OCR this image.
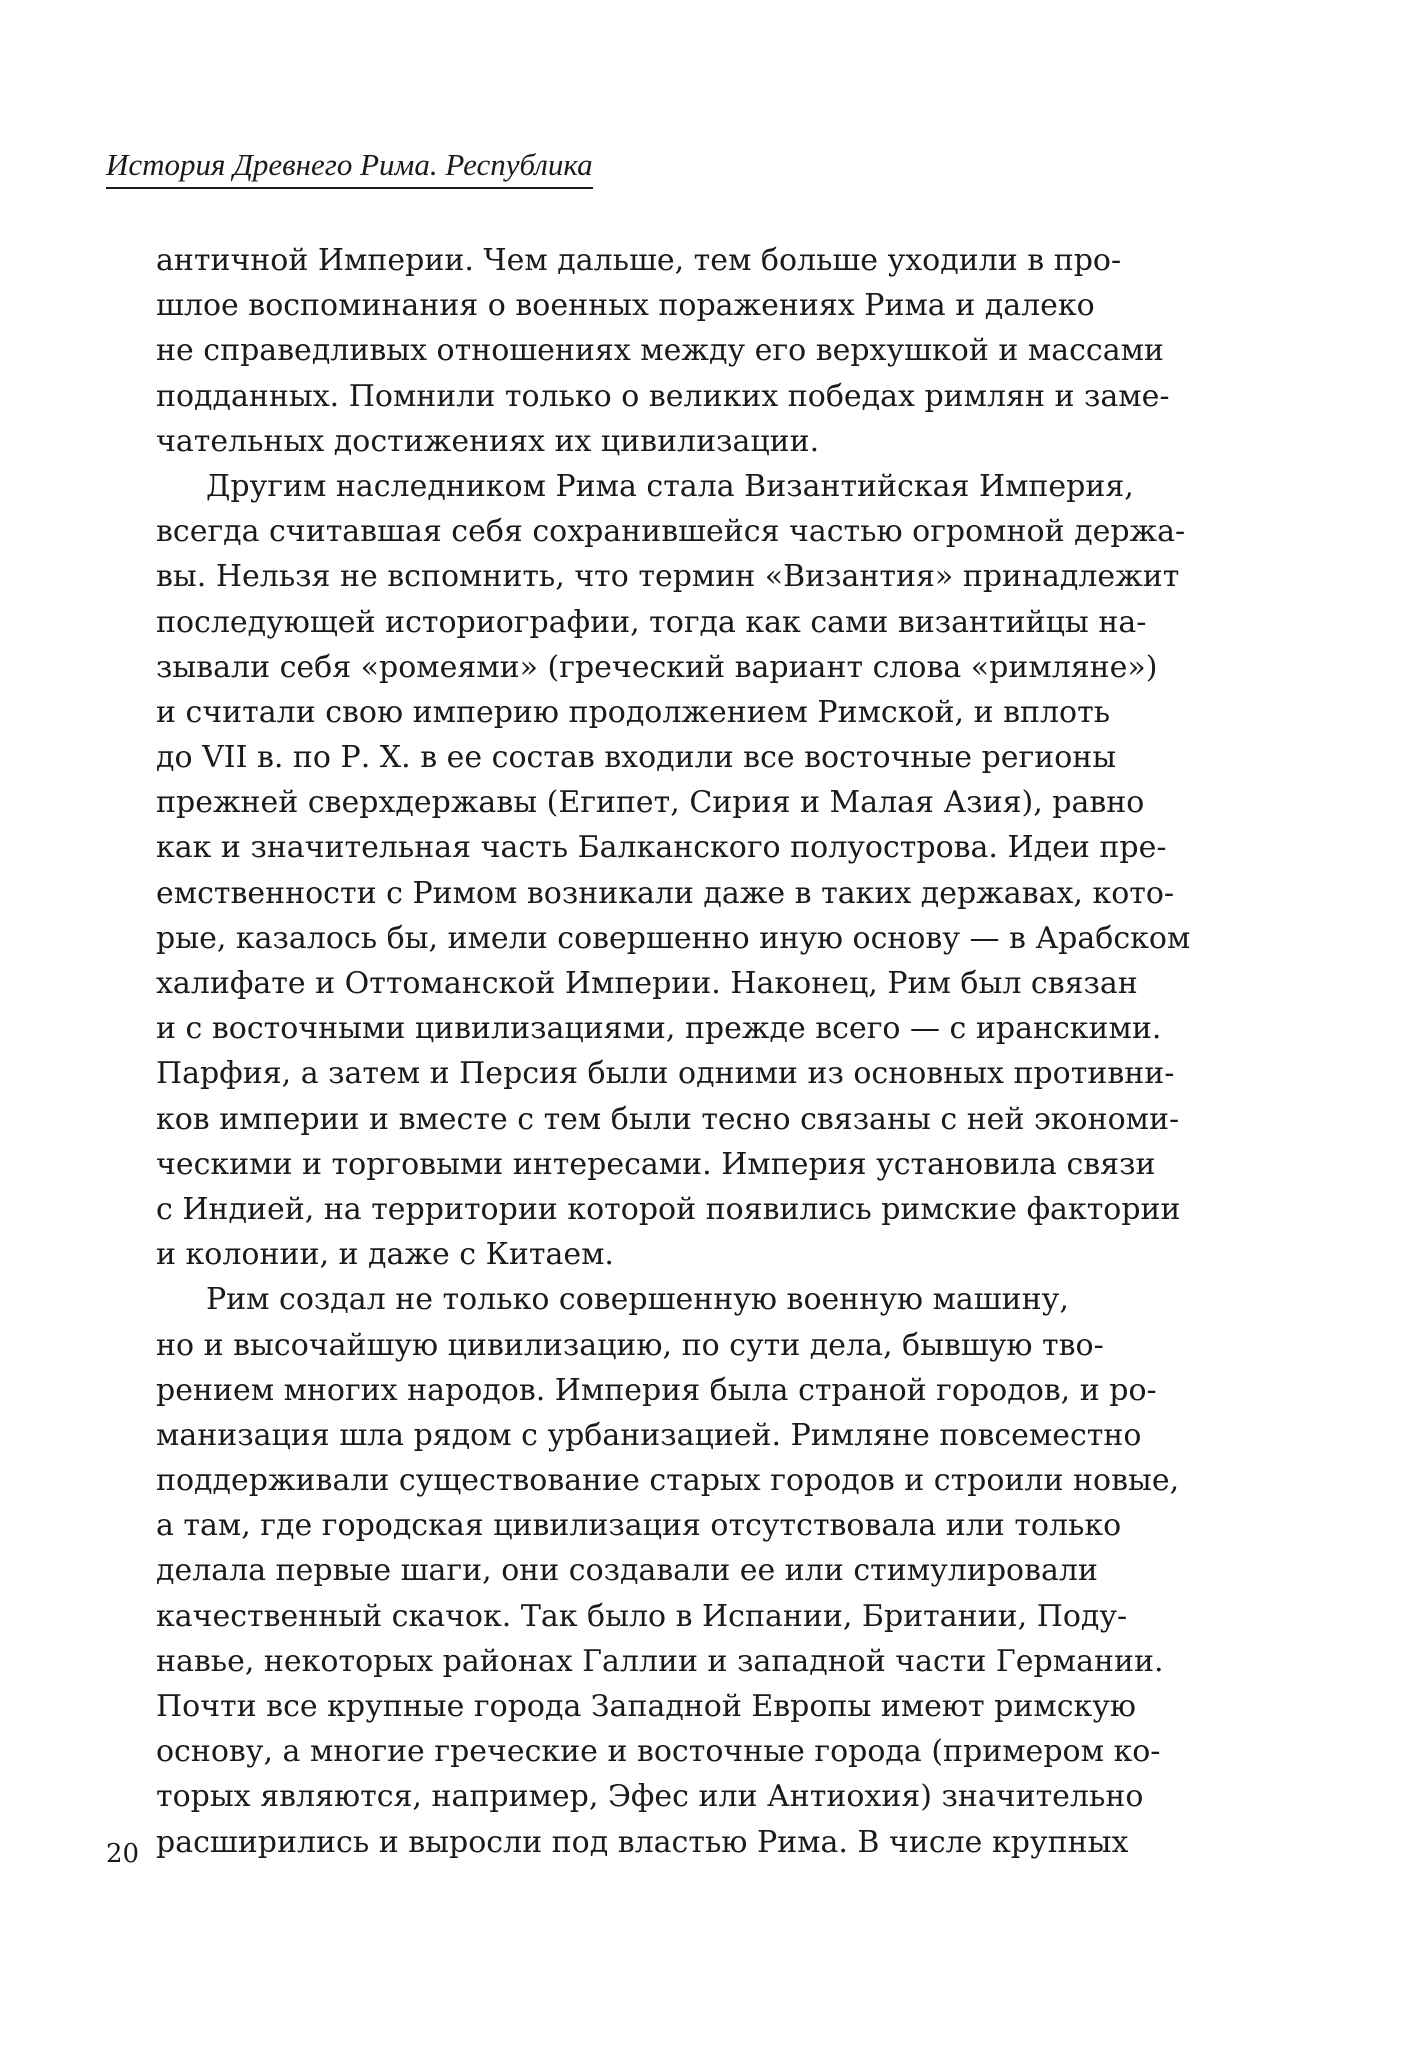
История Древнего Рима. Республика
античной Империи. Чем дальше, тем больше уходили в про-
шлое воспоминания о военных поражениях Рима и далеко
не справедливых отношениях между его верхушкой и массами
подданных. Помнили только о великих победах римлян и заме-
чательных достижениях их цивилизации.
Другим наследником Рима стала Византийская Империя,
всегда считавшая себя сохранившейся частью огромной держа-
вы. Нельзя не вспомнить, что термин «Византия» принадлежит
последующей историографии, тогда как сами византийцы на-
зывали себя «ромеями» (греческий вариант слова «римляне»)
и считали свою империю продолжением Римской, и вплоть
до VII в. по Р. Х. в ее состав входили все восточные регионы
прежней сверхдержавы (Египет, Сирия и Малая Азия), равно
как и значительная часть Балканского полуострова. Идеи пре-
емственности с Римом возникали даже в таких державах, кото-
рые, казалось бы, имели совершенно иную основу — в Арабском
халифате и Оттоманской Империи. Наконец, Рим был связан
и с восточными цивилизациями, прежде всего — с иранскими.
Парфия, а затем и Персия были одними из основных противни-
ков империи и вместе с тем были тесно связаны с ней экономи-
ческими и торговыми интересами. Империя установила связи
с Индией, на территории которой появились римские фактории
и колонии, и даже с Китаем.
Рим создал не только совершенную военную машину,
но и высочайшую цивилизацию, по сути дела, бывшую тво-
рением многих народов. Империя была страной городов, и ро-
манизация шла рядом с урбанизацией. Римляне повсеместно
поддерживали существование старых городов и строили новые,
а там, где городская цивилизация отсутствовала или только
делала первые шаги, они создавали ее или стимулировали
качественный скачок. Так было в Испании, Британии, Поду-
навье, некоторых районах Галлии и западной части Германии.
Почти все крупные города Западной Европы имеют римскую
основу, а многие греческие и восточные города (примером ко-
торых являются, например, Эфес или Антиохия) значительно
расширились и выросли под властью Рима. В числе крупных
20
